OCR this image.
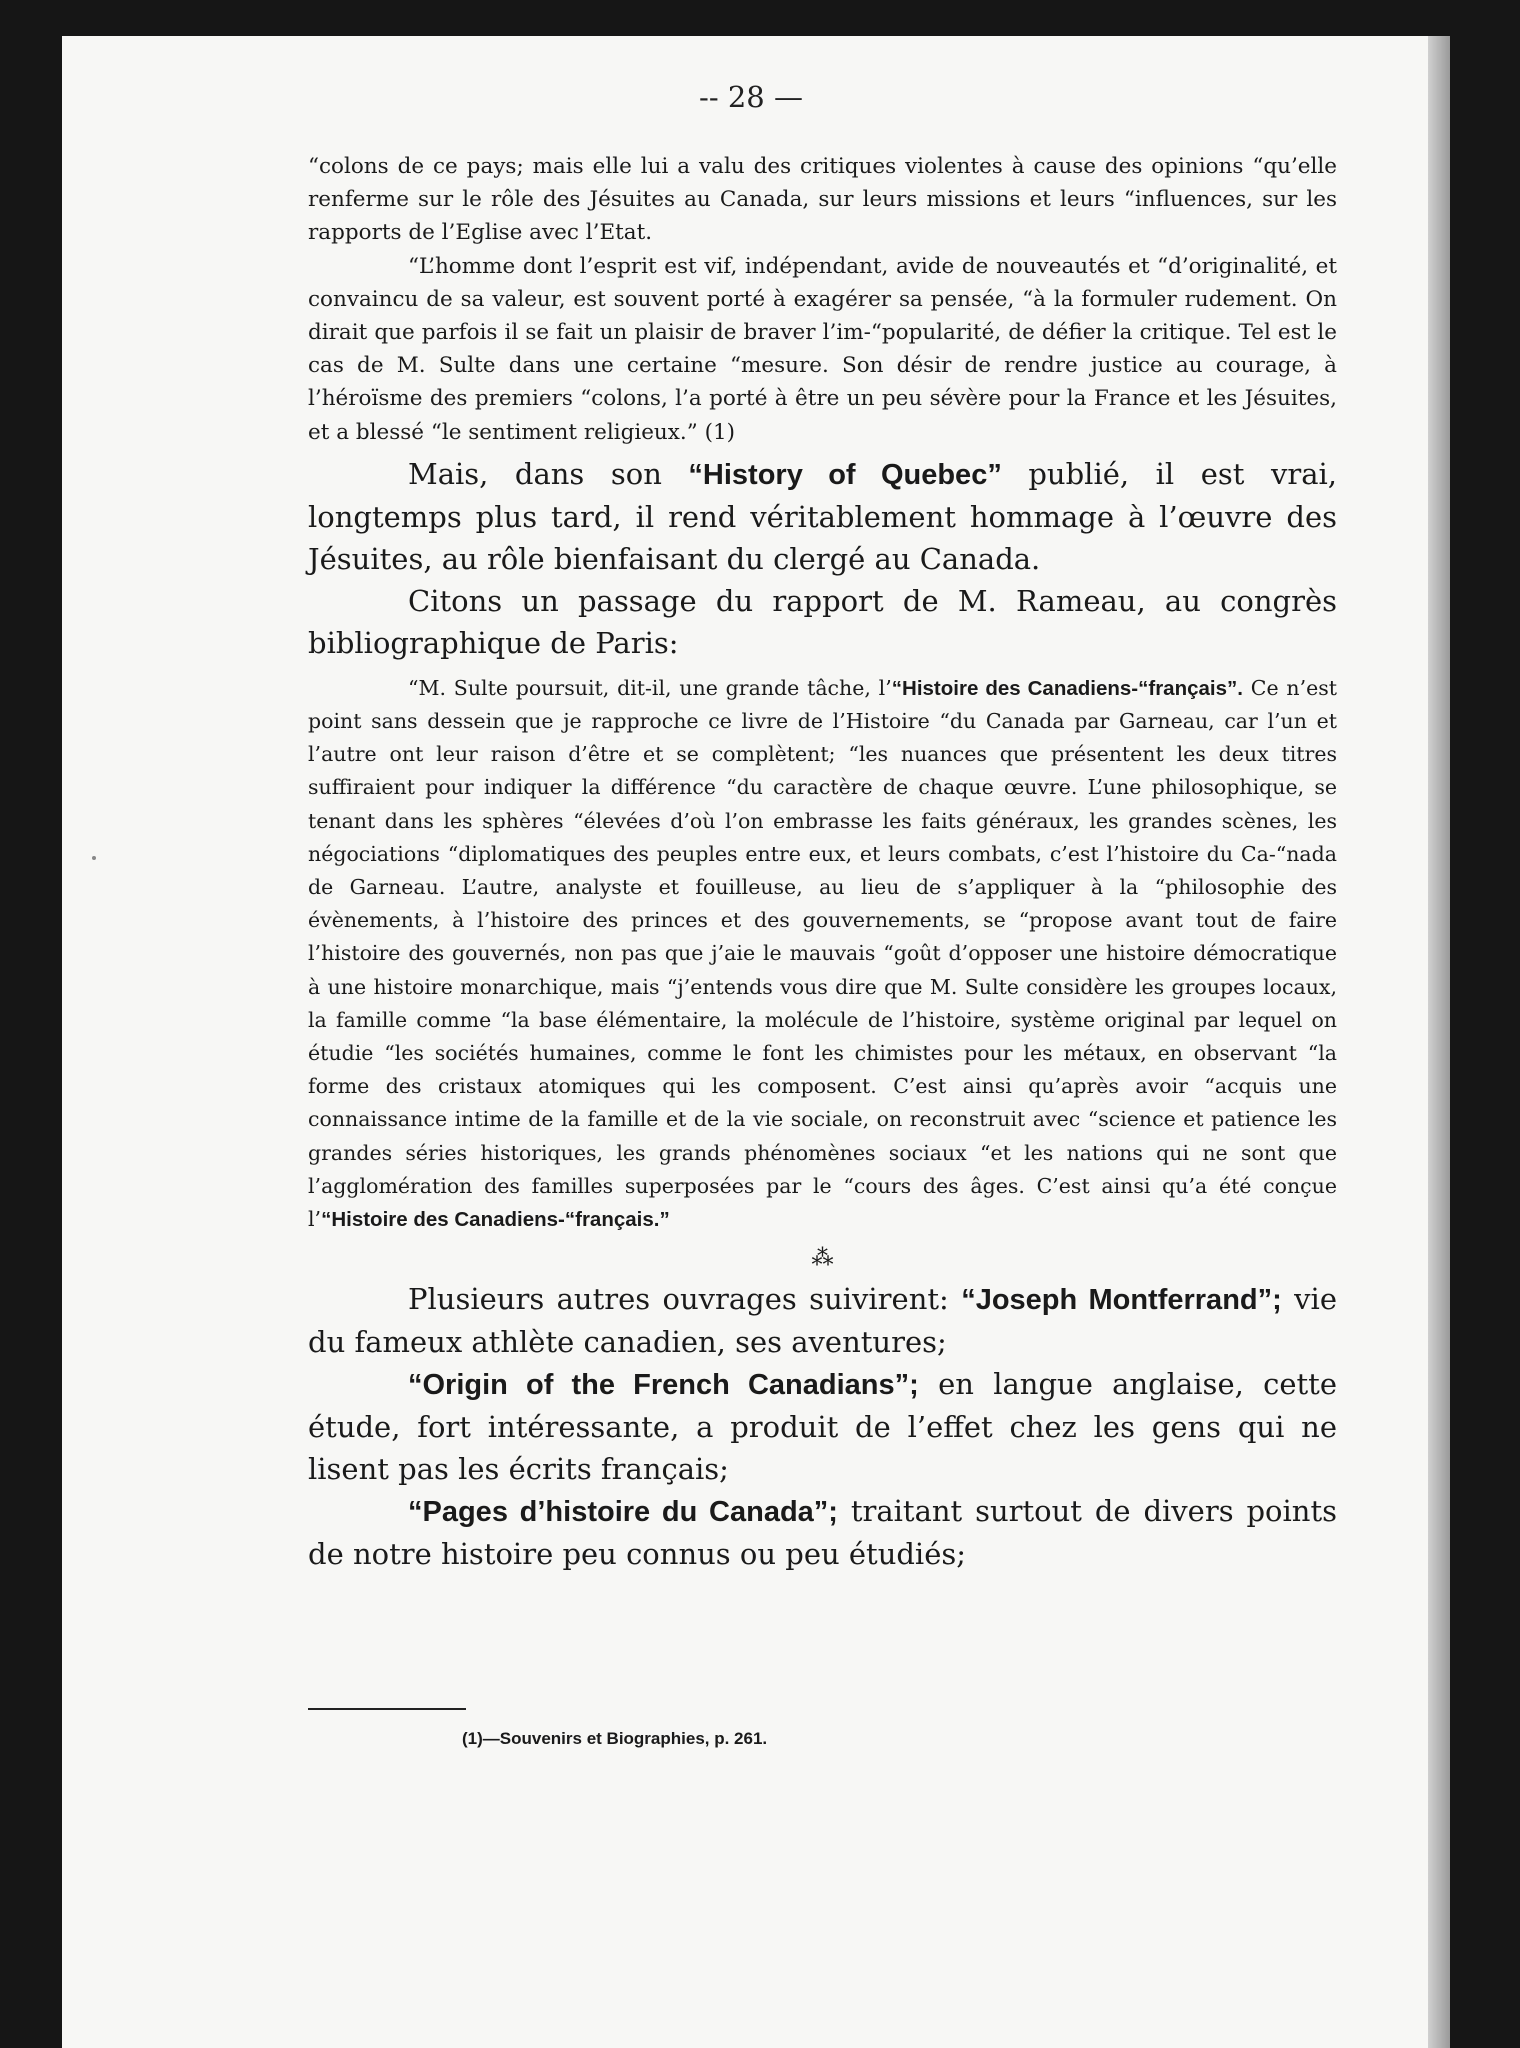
-- 28 —

“colons de ce pays; mais elle lui a valu des critiques violentes à cause des opinions “qu’elle renferme sur le rôle des Jésuites au Canada, sur leurs missions et leurs “influences, sur les rapports de l’Eglise avec l’Etat.

“L’homme dont l’esprit est vif, indépendant, avide de nouveautés et “d’originalité, et convaincu de sa valeur, est souvent porté à exagérer sa pensée, “à la formuler rudement. On dirait que parfois il se fait un plaisir de braver l’im-“popularité, de défier la critique. Tel est le cas de M. Sulte dans une certaine “mesure. Son désir de rendre justice au courage, à l’héroïsme des premiers “colons, l’a porté à être un peu sévère pour la France et les Jésuites, et a blessé “le sentiment religieux.” (1)

Mais, dans son “History of Quebec” publié, il est vrai, longtemps plus tard, il rend véritablement hommage à l’œuvre des Jésuites, au rôle bienfaisant du clergé au Canada.

Citons un passage du rapport de M. Rameau, au congrès bibliographique de Paris:

“M. Sulte poursuit, dit-il, une grande tâche, l’“Histoire des Canadiens-“français”. Ce n’est point sans dessein que je rapproche ce livre de l’Histoire “du Canada par Garneau, car l’un et l’autre ont leur raison d’être et se complètent; “les nuances que présentent les deux titres suffiraient pour indiquer la différence “du caractère de chaque œuvre. L’une philosophique, se tenant dans les sphères “élevées d’où l’on embrasse les faits généraux, les grandes scènes, les négociations “diplomatiques des peuples entre eux, et leurs combats, c’est l’histoire du Ca-“nada de Garneau. L’autre, analyste et fouilleuse, au lieu de s’appliquer à la “philosophie des évènements, à l’histoire des princes et des gouvernements, se “propose avant tout de faire l’histoire des gouvernés, non pas que j’aie le mauvais “goût d’opposer une histoire démocratique à une histoire monarchique, mais “j’entends vous dire que M. Sulte considère les groupes locaux, la famille comme “la base élémentaire, la molécule de l’histoire, système original par lequel on étudie “les sociétés humaines, comme le font les chimistes pour les métaux, en observant “la forme des cristaux atomiques qui les composent. C’est ainsi qu’après avoir “acquis une connaissance intime de la famille et de la vie sociale, on reconstruit avec “science et patience les grandes séries historiques, les grands phénomènes sociaux “et les nations qui ne sont que l’agglomération des familles superposées par le “cours des âges. C’est ainsi qu’a été conçue l’“Histoire des Canadiens-“français.”

⁂

Plusieurs autres ouvrages suivirent: “Joseph Montferrand”; vie du fameux athlète canadien, ses aventures;

“Origin of the French Canadians”; en langue anglaise, cette étude, fort intéressante, a produit de l’effet chez les gens qui ne lisent pas les écrits français;

“Pages d’histoire du Canada”; traitant surtout de divers points de notre histoire peu connus ou peu étudiés;

(1)—Souvenirs et Biographies, p. 261.
